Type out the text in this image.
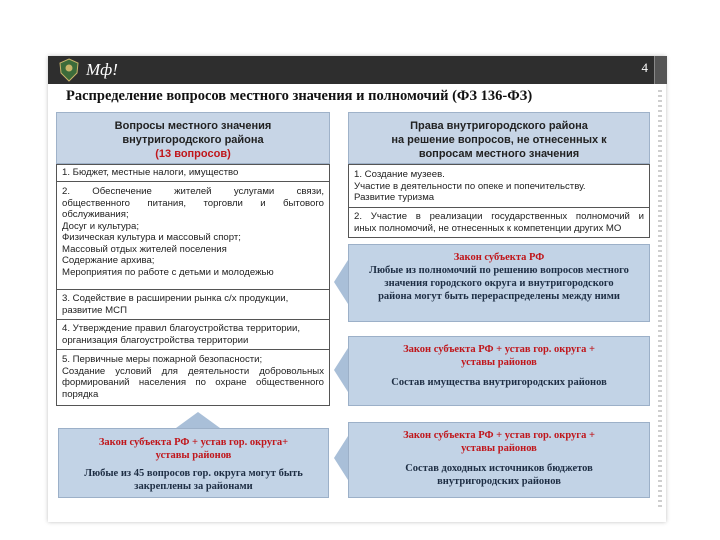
Мф!	4
Распределение вопросов местного значения и полномочий (ФЗ 136-ФЗ)
Вопросы местного значения
внутригородского района
(13 вопросов)
1. Бюджет, местные налоги, имущество
2. Обеспечение жителей услугами связи,
общественного питания, торговли и бытового
обслуживания;
Досуг и культура;
Физическая культура и массовый спорт;
Массовый отдых жителей поселения
Содержание архива;
Мероприятия по работе с детьми и молодежью
3. Содействие в расширении рынка с/х продукции,
развитие МСП
4. Утверждение правил благоустройства территории,
организация благоустройства территории
5. Первичные меры пожарной безопасности;
Создание условий для деятельности добровольных
формирований населения по охране общественного
порядка
Права внутригородского района
на решение вопросов, не отнесенных к
вопросам местного значения
1. Создание музеев.
Участие в деятельности по опеке и попечительству.
Развитие туризма
2. Участие в реализации государственных полномочий и
иных полномочий, не отнесенных к компетенции других МО
Закон субъекта РФ
Любые из полномочий по решению вопросов местного
значения городского округа и внутригородского
района могут быть перераспределены между ними
Закон субъекта РФ + устав гор. округа +
уставы районов
Состав имущества внутригородских районов
Закон субъекта РФ + устав гор. округа +
уставы районов
Состав доходных источников бюджетов
внутригородских районов
Закон субъекта РФ + устав гор. округа+
уставы районов
Любые из 45 вопросов гор. округа могут быть
закреплены за районами
